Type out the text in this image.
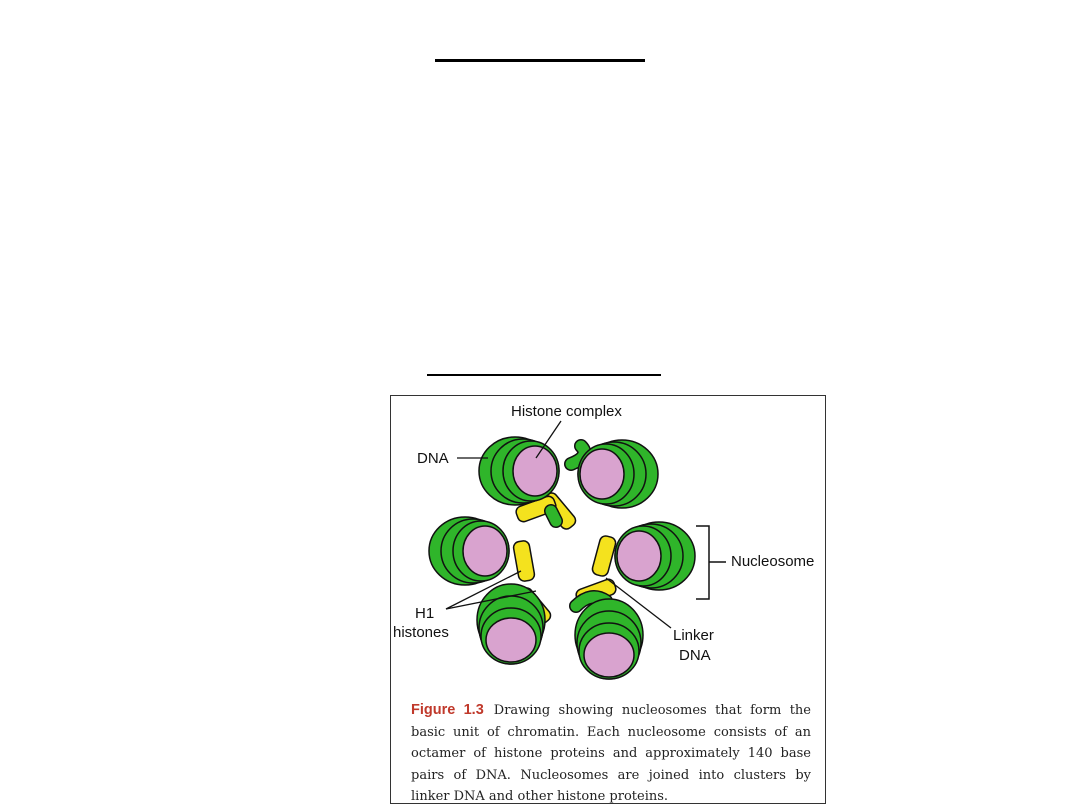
Histone complex
DNA
Nucleosome
H1
histones	Linker
DNA
Figure 1.3 Drawing showing nucleosomes that form the basic unit of chromatin. Each nucleosome consists of an octamer of histone proteins and approximately 140 base pairs of DNA. Nucleosomes are joined into clusters by linker DNA and other histone proteins.
